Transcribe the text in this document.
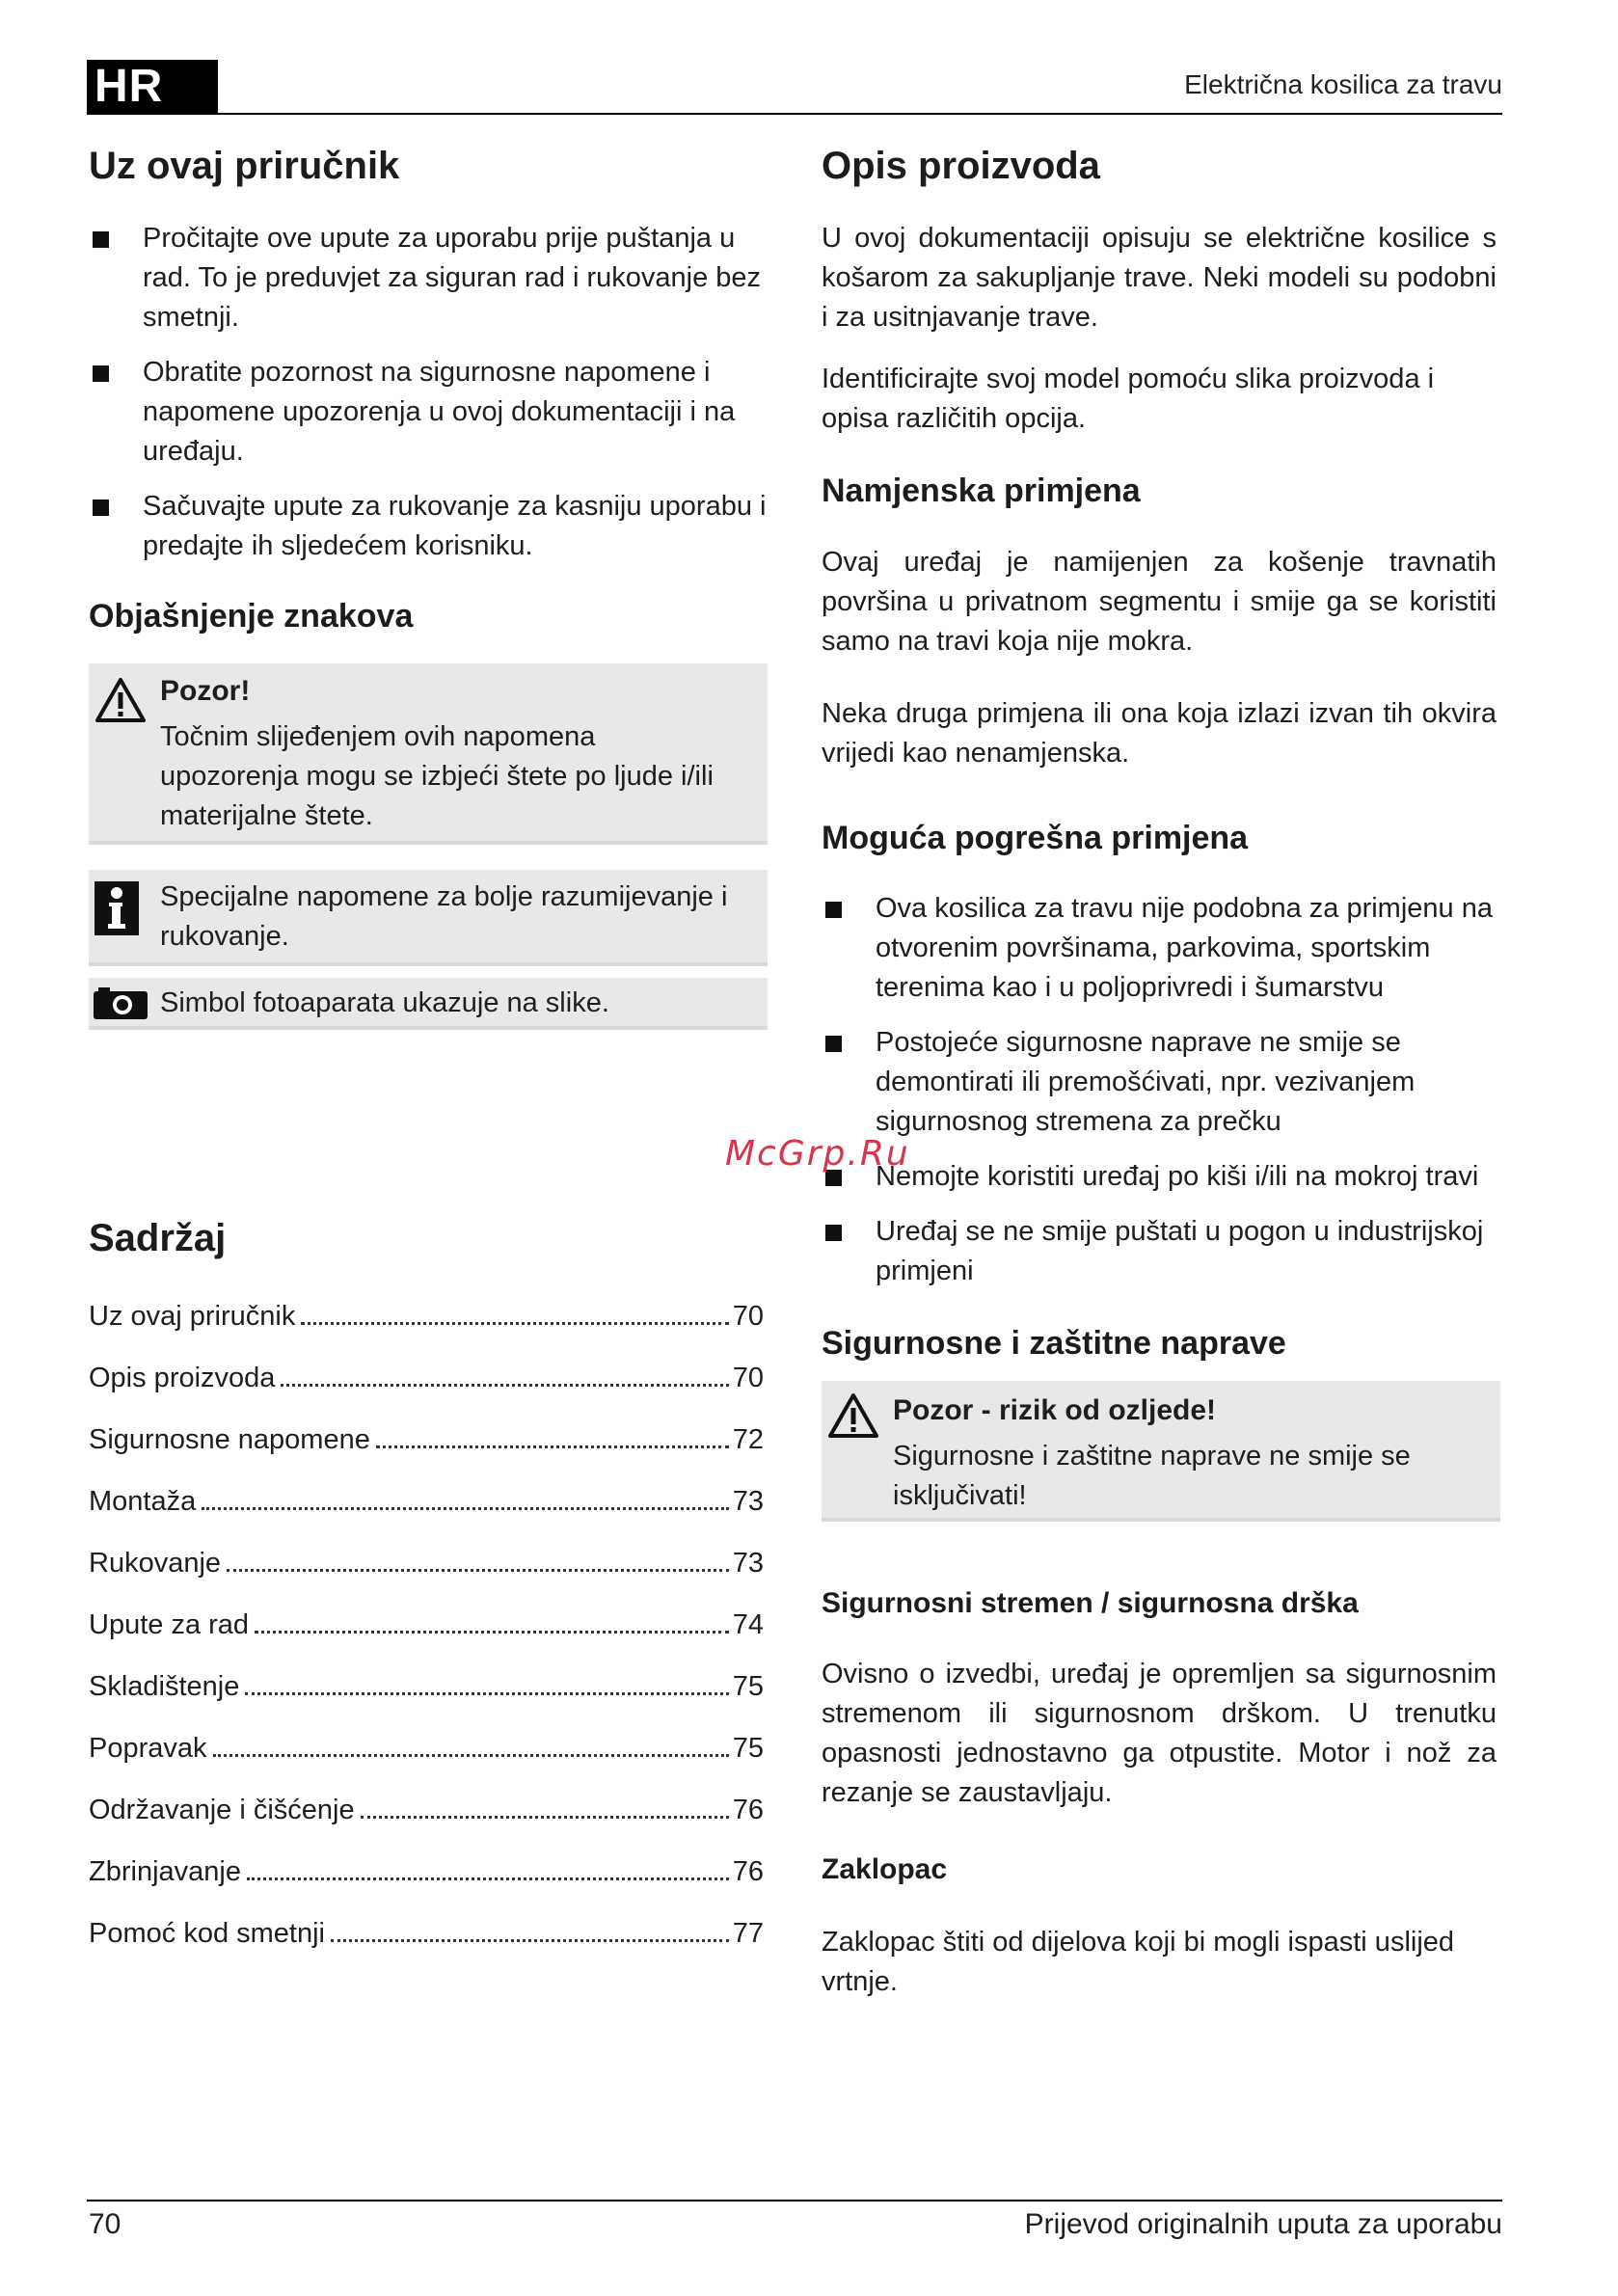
HR	Električna kosilica za travu
Uz ovaj priručnik
Pročitajte ove upute za uporabu prije puštanja u rad. To je preduvjet za siguran rad i rukovanje bez smetnji.
Obratite pozornost na sigurnosne napomene i napomene upozorenja u ovoj dokumentaciji i na uređaju.
Sačuvajte upute za rukovanje za kasniju uporabu i predajte ih sljedećem korisniku.
Objašnjenje znakova
Pozor!
Točnim slijeđenjem ovih napomena upozorenja mogu se izbjeći štete po ljude i/ili materijalne štete.
Specijalne napomene za bolje razumijevanje i rukovanje.
Simbol fotoaparata ukazuje na slike.
Sadržaj
Uz ovaj priručnik	70
Opis proizvoda	70
Sigurnosne napomene	72
Montaža	73
Rukovanje	73
Upute za rad	74
Skladištenje	75
Popravak	75
Održavanje i čišćenje	76
Zbrinjavanje	76
Pomoć kod smetnji	77
Opis proizvoda

U ovoj dokumentaciji opisuju se električne kosilice s košarom za sakupljanje trave. Neki modeli su podobni i za usitnjavanje trave.

Identificirajte svoj model pomoću slika proizvoda i opisa različitih opcija.

Namjenska primjena

Ovaj uređaj je namijenjen za košenje travnatih površina u privatnom segmentu i smije ga se koristiti samo na travi koja nije mokra.

Neka druga primjena ili ona koja izlazi izvan tih okvira vrijedi kao nenamjenska.

Moguća pogrešna primjena
Ova kosilica za travu nije podobna za primjenu na otvorenim površinama, parkovima, sportskim terenima kao i u poljoprivredi i šumarstvu
Postojeće sigurnosne naprave ne smije se demontirati ili premošćivati, npr. vezivanjem sigurnosnog stremena za prečku
Nemojte koristiti uređaj po kiši i/ili na mokroj travi
Uređaj se ne smije puštati u pogon u industrijskoj primjeni
Sigurnosne i zaštitne naprave
Pozor - rizik od ozljede!
Sigurnosne i zaštitne naprave ne smije se isključivati!
Sigurnosni stremen / sigurnosna drška

Ovisno o izvedbi, uređaj je opremljen sa sigurnosnim stremenom ili sigurnosnom drškom. U trenutku opasnosti jednostavno ga otpustite. Motor i nož za rezanje se zaustavljaju.

Zaklopac

Zaklopac štiti od dijelova koji bi mogli ispasti uslijed vrtnje.

McGrp.Ru
70	Prijevod originalnih uputa za uporabu
